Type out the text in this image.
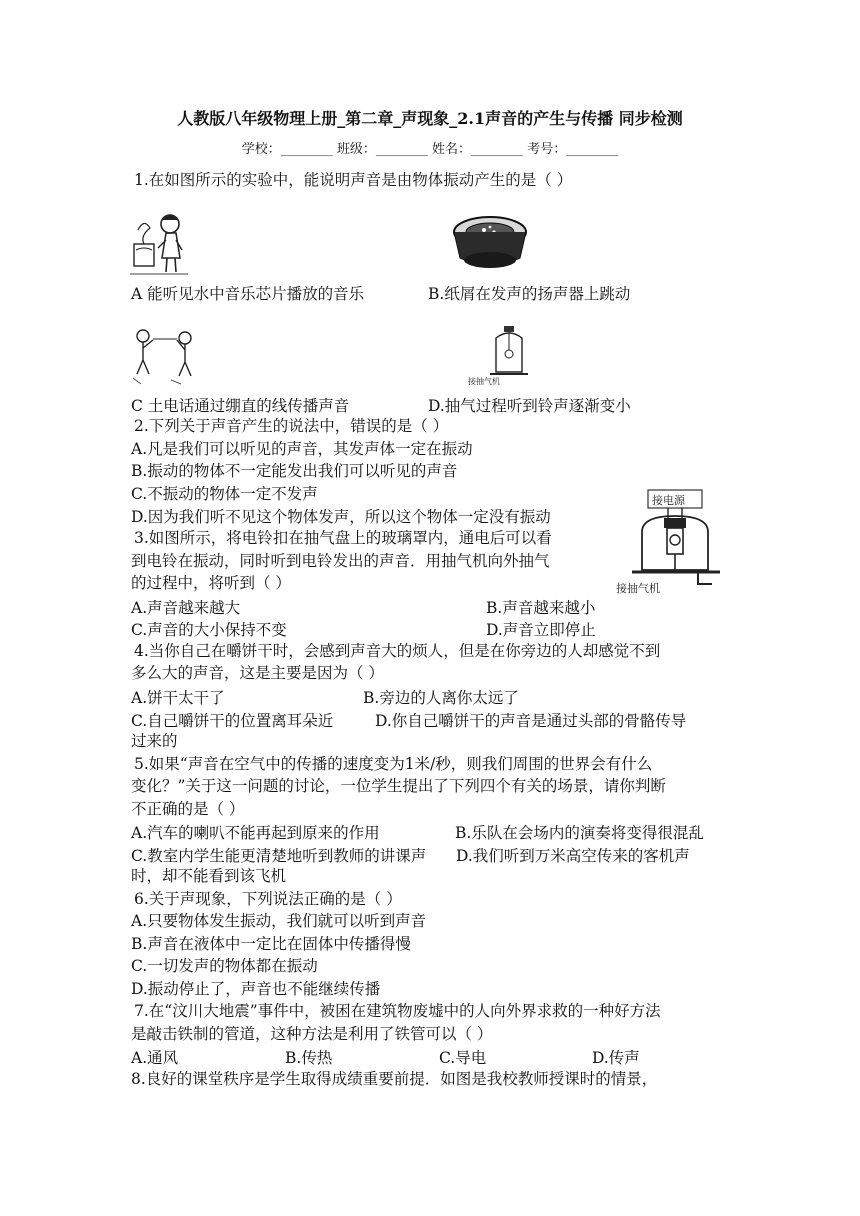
人教版八年级物理上册_第二章_声现象_2.1声音的产生与传播 同步检测
学校：________ 班级：________ 姓名：________ 考号：________
1.在如图所示的实验中，能说明声音是由物体振动产生的是（ ）
A 能听见水中音乐芯片播放的音乐	B.纸屑在发声的扬声器上跳动
接抽气机
C 土电话通过绷直的线传播声音	D.抽气过程听到铃声逐渐变小
2.下列关于声音产生的说法中，错误的是（ ）
A.凡是我们可以听见的声音，其发声体一定在振动
B.振动的物体不一定能发出我们可以听见的声音
C.不振动的物体一定不发声
D.因为我们听不见这个物体发声，所以这个物体一定没有振动
3.如图所示，将电铃扣在抽气盘上的玻璃罩内，通电后可以看
到电铃在振动，同时听到电铃发出的声音．用抽气机向外抽气
的过程中，将听到（ ）
接电源
接抽气机
A.声音越来越大	B.声音越来越小
C.声音的大小保持不变	D.声音立即停止
4.当你自己在嚼饼干时，会感到声音大的烦人，但是在你旁边的人却感觉不到
多么大的声音，这是主要是因为（ ）
A.饼干太干了	B.旁边的人离你太远了
C.自己嚼饼干的位置离耳朵近	D.你自己嚼饼干的声音是通过头部的骨骼传导
过来的
5.如果“声音在空气中的传播的速度变为1米/秒，则我们周围的世界会有什么
变化？”关于这一问题的讨论，一位学生提出了下列四个有关的场景，请你判断
不正确的是（ ）
A.汽车的喇叭不能再起到原来的作用	B.乐队在会场内的演奏将变得很混乱
C.教室内学生能更清楚地听到教师的讲课声 D.我们听到万米高空传来的客机声
时，却不能看到该飞机
6.关于声现象，下列说法正确的是（ ）
A.只要物体发生振动，我们就可以听到声音
B.声音在液体中一定比在固体中传播得慢
C.一切发声的物体都在振动
D.振动停止了，声音也不能继续传播
7.在“汶川大地震”事件中，被困在建筑物废墟中的人向外界求救的一种好方法
是敲击铁制的管道，这种方法是利用了铁管可以（ ）
A.通风	B.传热	C.导电	D.传声
8.良好的课堂秩序是学生取得成绩重要前提．如图是我校教师授课时的情景，
